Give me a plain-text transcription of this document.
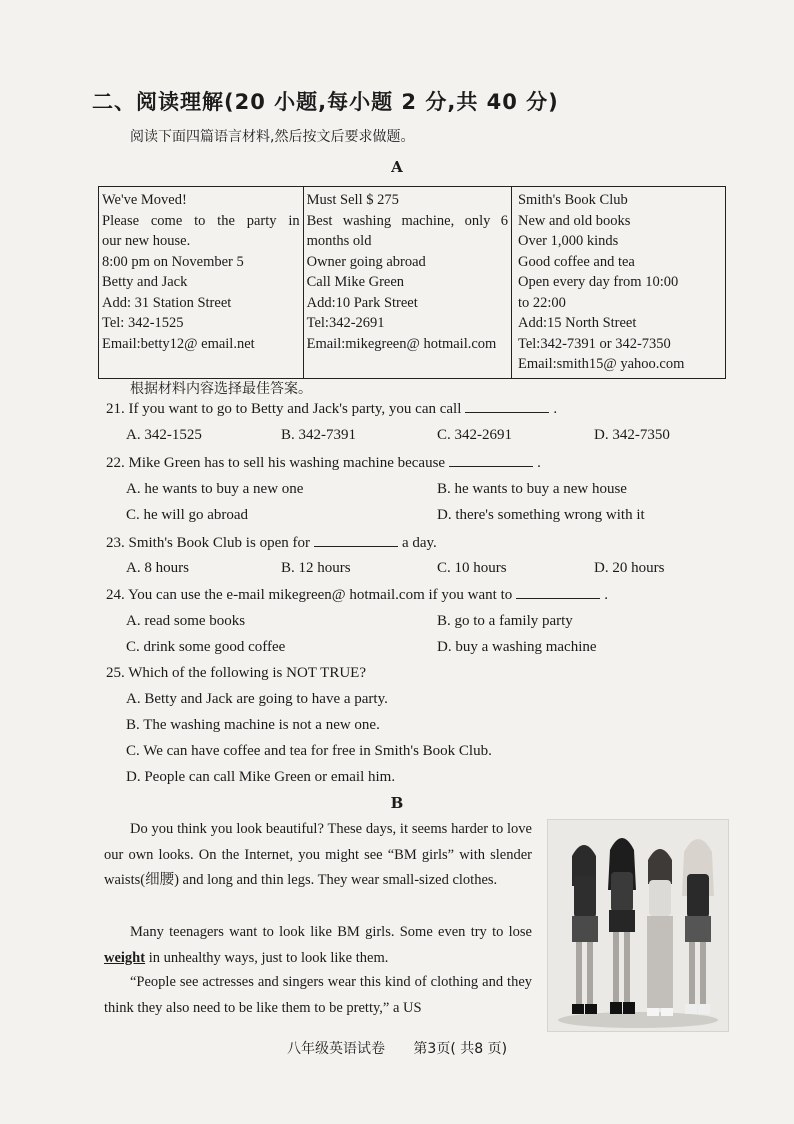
二、阅读理解(20 小题,每小题 2 分,共 40 分)
阅读下面四篇语言材料,然后按文后要求做题。
A
We've Moved!
Please come to the party in
our new house.
8:00 pm on November 5
Betty and Jack
Add: 31 Station Street
Tel: 342-1525
Email:betty12@ email.net

Must Sell $ 275
Best washing machine, only 6
months old
Owner going abroad
Call Mike Green
Add:10 Park Street
Tel:342-2691
Email:mikegreen@ hotmail.com

Smith's Book Club
New and old books
Over 1,000 kinds
Good coffee and tea
Open every day from 10:00
to 22:00
Add:15 North Street
Tel:342-7391 or 342-7350
Email:smith15@ yahoo.com
根据材料内容选择最佳答案。
21. If you want to go to Betty and Jack's party, you can call	.
A. 342-1525	B. 342-7391	C. 342-2691	D. 342-7350
22. Mike Green has to sell his washing machine because	.
A. he wants to buy a new one	B. he wants to buy a new house
C. he will go abroad	D. there's something wrong with it
23. Smith's Book Club is open for	a day.
A. 8 hours	B. 12 hours	C. 10 hours	D. 20 hours
24. You can use the e-mail mikegreen@ hotmail.com if you want to	.
A. read some books	B. go to a family party
C. drink some good coffee	D. buy a washing machine
25. Which of the following is NOT TRUE?
A. Betty and Jack are going to have a party.
B. The washing machine is not a new one.
C. We can have coffee and tea for free in Smith's Book Club.
D. People can call Mike Green or email him.
B
Do you think you look beautiful? These days, it seems harder to love our own looks. On the Internet, you might see “BM girls” with slender waists(细腰) and long and thin legs. They wear small-sized clothes.
Many teenagers want to look like BM girls. Some even try to lose weight in unhealthy ways, just to look like them.
“People see actresses and singers wear this kind of clothing and they think they also need to be like them to be pretty,” a US
八年级英语试卷 第3页( 共8 页)
